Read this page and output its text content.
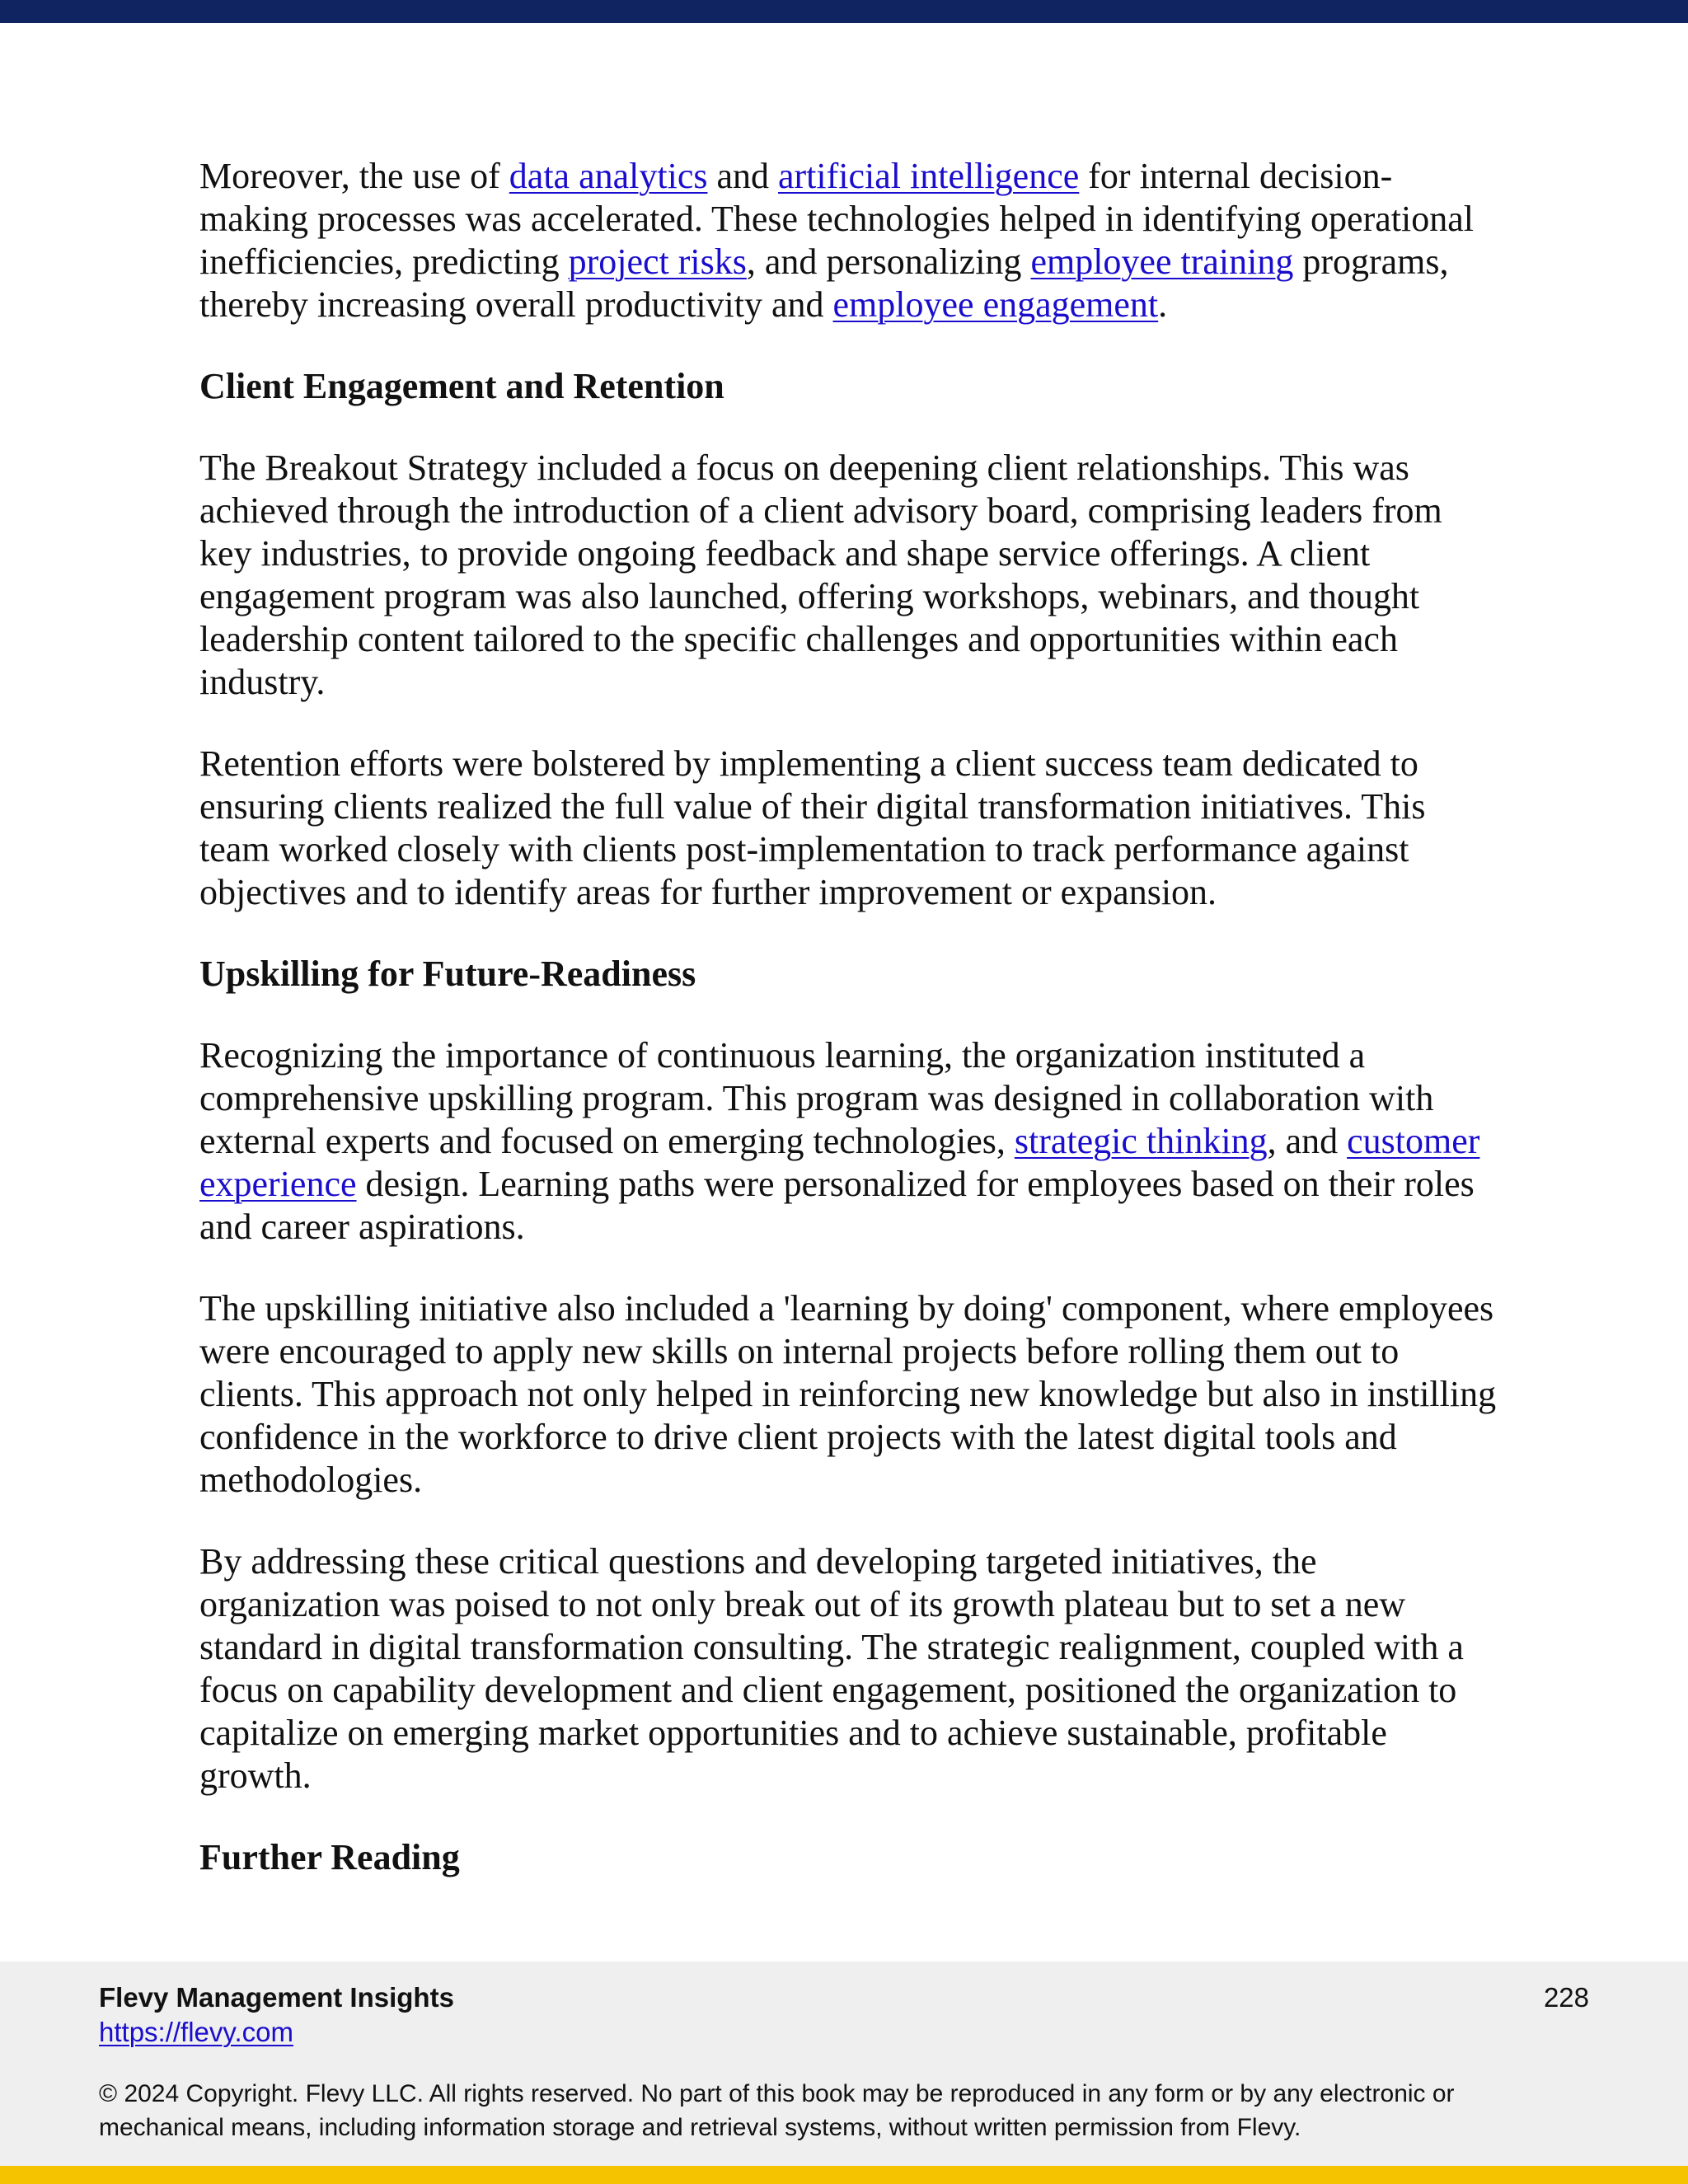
Moreover, the use of data analytics and artificial intelligence for internal decision-making processes was accelerated. These technologies helped in identifying operational inefficiencies, predicting project risks, and personalizing employee training programs, thereby increasing overall productivity and employee engagement.

Client Engagement and Retention

The Breakout Strategy included a focus on deepening client relationships. This was achieved through the introduction of a client advisory board, comprising leaders from key industries, to provide ongoing feedback and shape service offerings. A client engagement program was also launched, offering workshops, webinars, and thought leadership content tailored to the specific challenges and opportunities within each industry.

Retention efforts were bolstered by implementing a client success team dedicated to ensuring clients realized the full value of their digital transformation initiatives. This team worked closely with clients post-implementation to track performance against objectives and to identify areas for further improvement or expansion.

Upskilling for Future-Readiness

Recognizing the importance of continuous learning, the organization instituted a comprehensive upskilling program. This program was designed in collaboration with external experts and focused on emerging technologies, strategic thinking, and customer experience design. Learning paths were personalized for employees based on their roles and career aspirations.

The upskilling initiative also included a 'learning by doing' component, where employees were encouraged to apply new skills on internal projects before rolling them out to clients. This approach not only helped in reinforcing new knowledge but also in instilling confidence in the workforce to drive client projects with the latest digital tools and methodologies.

By addressing these critical questions and developing targeted initiatives, the organization was poised to not only break out of its growth plateau but to set a new standard in digital transformation consulting. The strategic realignment, coupled with a focus on capability development and client engagement, positioned the organization to capitalize on emerging market opportunities and to achieve sustainable, profitable growth.

Further Reading
Flevy Management Insights
https://flevy.com
228
© 2024 Copyright. Flevy LLC. All rights reserved. No part of this book may be reproduced in any form or by any electronic or mechanical means, including information storage and retrieval systems, without written permission from Flevy.
